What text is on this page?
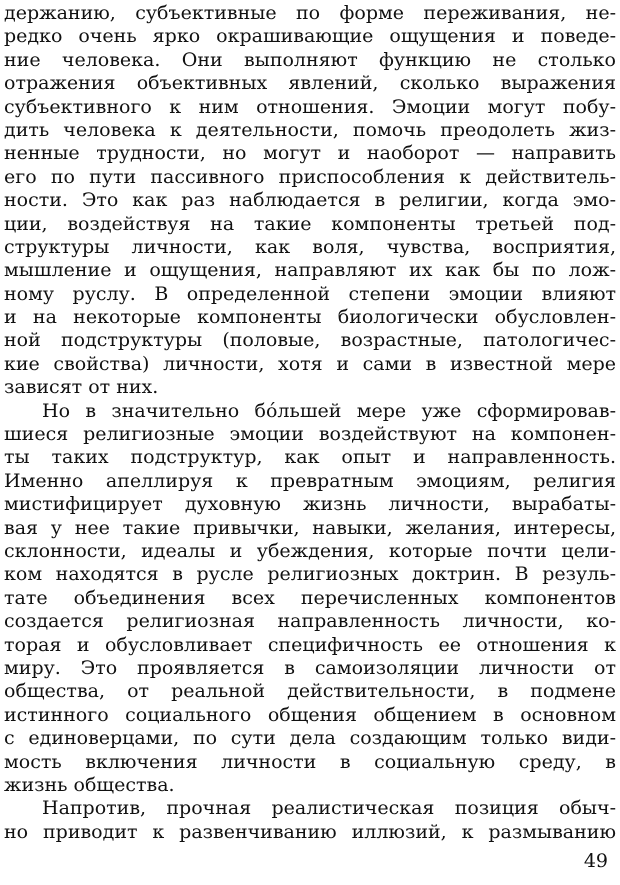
держанию, субъективные по форме переживания, не-
редко очень ярко окрашивающие ощущения и поведе-
ние человека. Они выполняют функцию не столько
отражения объективных явлений, сколько выражения
субъективного к ним отношения. Эмоции могут побу-
дить человека к деятельности, помочь преодолеть жиз-
ненные трудности, но могут и наоборот — направить
его по пути пассивного приспособления к действитель-
ности. Это как раз наблюдается в религии, когда эмо-
ции, воздействуя на такие компоненты третьей под-
структуры личности, как воля, чувства, восприятия,
мышление и ощущения, направляют их как бы по лож-
ному руслу. В определенной степени эмоции влияют
и на некоторые компоненты биологически обусловлен-
ной подструктуры (половые, возрастные, патологичес-
кие свойства) личности, хотя и сами в известной мере
зависят от них.
Но в значительно бо́льшей мере уже сформировав-
шиеся религиозные эмоции воздействуют на компонен-
ты таких подструктур, как опыт и направленность.
Именно апеллируя к превратным эмоциям, религия
мистифицирует духовную жизнь личности, вырабаты-
вая у нее такие привычки, навыки, желания, интересы,
склонности, идеалы и убеждения, которые почти цели-
ком находятся в русле религиозных доктрин. В резуль-
тате объединения всех перечисленных компонентов
создается религиозная направленность личности, ко-
торая и обусловливает специфичность ее отношения к
миру. Это проявляется в самоизоляции личности от
общества, от реальной действительности, в подмене
истинного социального общения общением в основном
с единоверцами, по сути дела создающим только види-
мость включения личности в социальную среду, в
жизнь общества.
Напротив, прочная реалистическая позиция обыч-
но приводит к развенчиванию иллюзий, к размыванию
49
